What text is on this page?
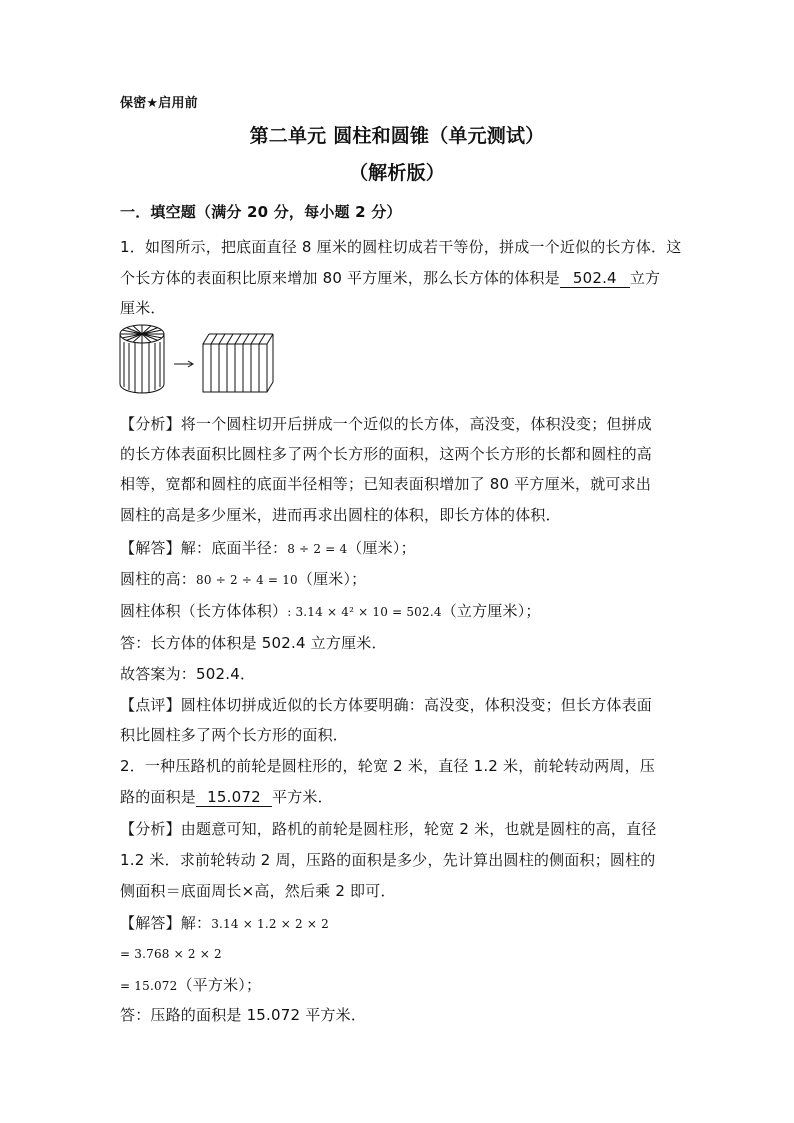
保密★启用前
第二单元 圆柱和圆锥（单元测试）
（解析版）
一．填空题（满分 20 分，每小题 2 分）
1．如图所示，把底面直径 8 厘米的圆柱切成若干等份，拼成一个近似的长方体．这
个长方体的表面积比原来增加 80 平方厘米，那么长方体的体积是 502.4 立方
厘米．
【分析】将一个圆柱切开后拼成一个近似的长方体，高没变，体积没变；但拼成
的长方体表面积比圆柱多了两个长方形的面积，这两个长方形的长都和圆柱的高
相等，宽都和圆柱的底面半径相等；已知表面积增加了 80 平方厘米，就可求出
圆柱的高是多少厘米，进而再求出圆柱的体积，即长方体的体积．
【解答】解：底面半径：8 ÷ 2 = 4（厘米）；
圆柱的高：80 ÷ 2 ÷ 4 = 10（厘米）；
圆柱体积（长方体体积）: 3.14 × 4² × 10 = 502.4（立方厘米）；
答：长方体的体积是 502.4 立方厘米．
故答案为：502.4．
【点评】圆柱体切拼成近似的长方体要明确：高没变，体积没变；但长方体表面
积比圆柱多了两个长方形的面积．
2．一种压路机的前轮是圆柱形的，轮宽 2 米，直径 1.2 米，前轮转动两周，压
路的面积是 15.072 平方米．
【分析】由题意可知，路机的前轮是圆柱形，轮宽 2 米，也就是圆柱的高，直径
1.2 米．求前轮转动 2 周，压路的面积是多少，先计算出圆柱的侧面积；圆柱的
侧面积＝底面周长×高，然后乘 2 即可．
【解答】解：3.14 × 1.2 × 2 × 2
= 3.768 × 2 × 2
= 15.072（平方米）；
答：压路的面积是 15.072 平方米．
